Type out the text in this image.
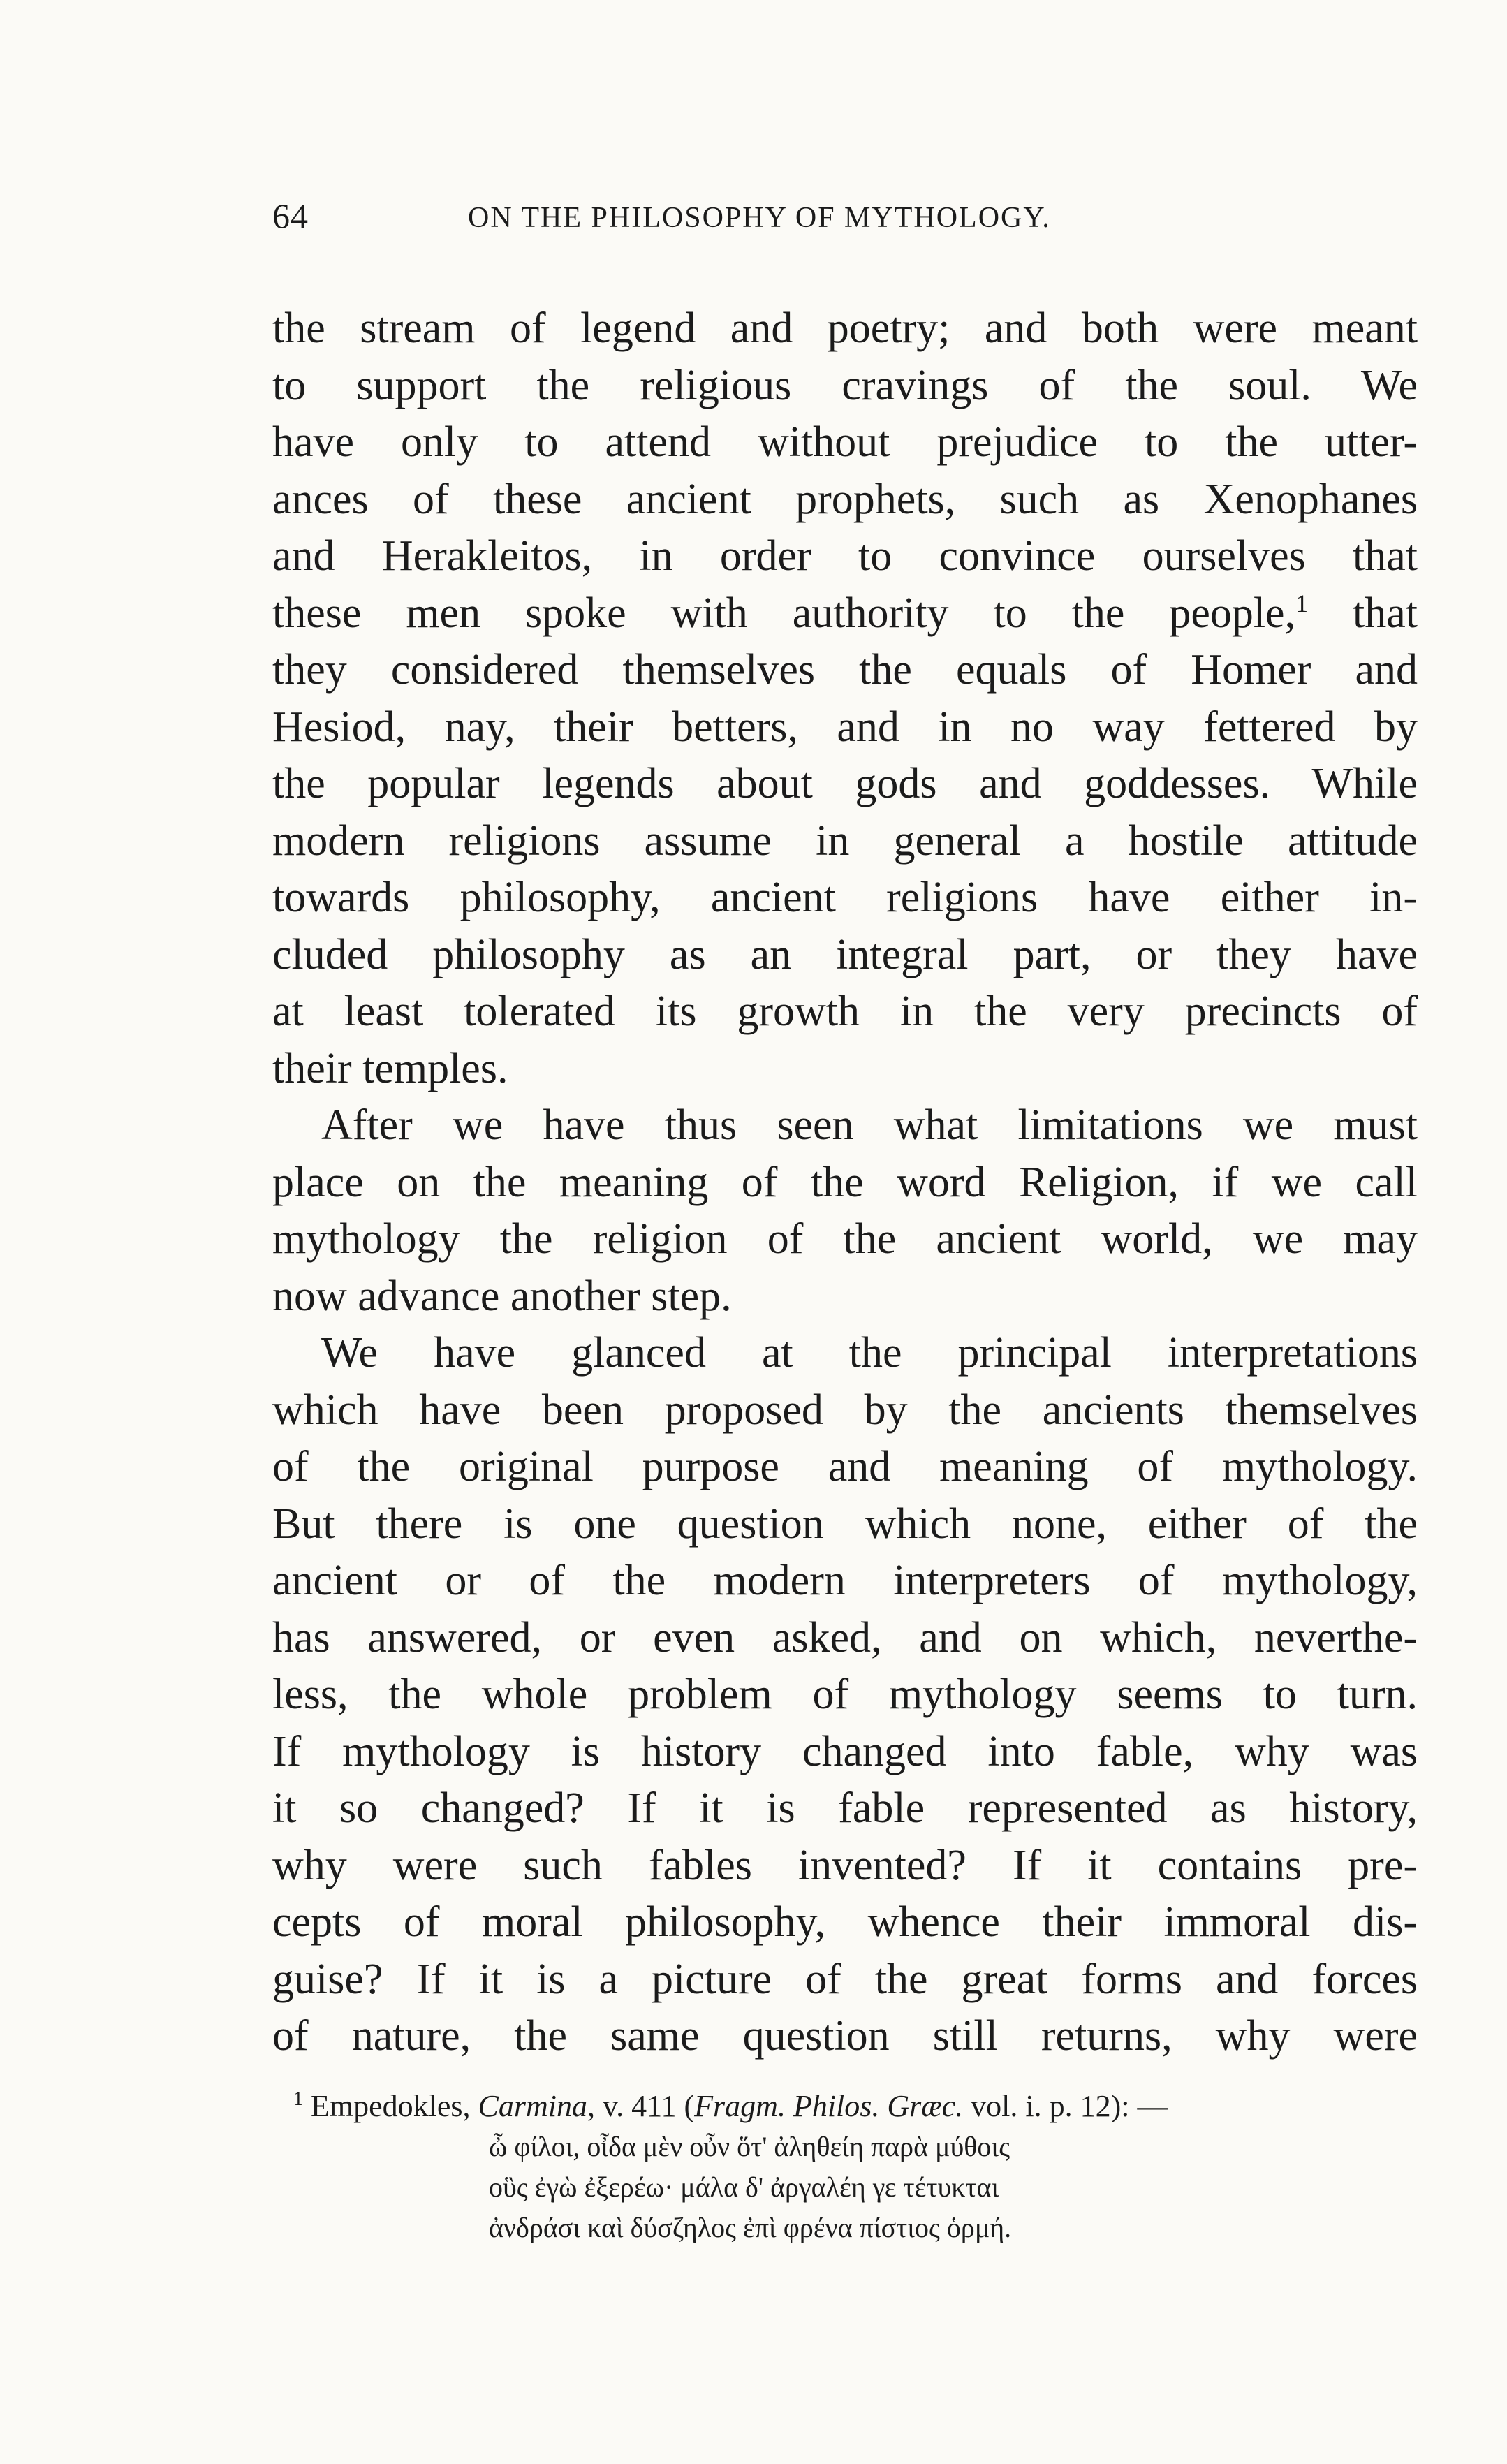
64	ON THE PHILOSOPHY OF MYTHOLOGY.
the stream of legend and poetry; and both were meant
to support the religious cravings of the soul. We
have only to attend without prejudice to the utter-
ances of these ancient prophets, such as Xenophanes
and Herakleitos, in order to convince ourselves that
these men spoke with authority to the people,$^1$ that
they considered themselves the equals of Homer and
Hesiod, nay, their betters, and in no way fettered by
the popular legends about gods and goddesses. While
modern religions assume in general a hostile attitude
towards philosophy, ancient religions have either in-
cluded philosophy as an integral part, or they have
at least tolerated its growth in the very precincts of
their temples.
After we have thus seen what limitations we must
place on the meaning of the word Religion, if we call
mythology the religion of the ancient world, we may
now advance another step.
We have glanced at the principal interpretations
which have been proposed by the ancients themselves
of the original purpose and meaning of mythology.
But there is one question which none, either of the
ancient or of the modern interpreters of mythology,
has answered, or even asked, and on which, neverthe-
less, the whole problem of mythology seems to turn.
If mythology is history changed into fable, why was
it so changed? If it is fable represented as history,
why were such fables invented? If it contains pre-
cepts of moral philosophy, whence their immoral dis-
guise? If it is a picture of the great forms and forces
of nature, the same question still returns, why were
$^1$ Empedokles, Carmina, v. 411 (Fragm. Philos. Græc. vol. i. p. 12): —
ὦ φίλοι, οἶδα μὲν οὖν ὅτ' ἀληθείη παρὰ μύθοις
οὓς ἐγὼ ἐξερέω· μάλα δ' ἀργαλέη γε τέτυκται
ἀνδράσι καὶ δύσζηλος ἐπὶ φρένα πίστιος ὁρμή.
